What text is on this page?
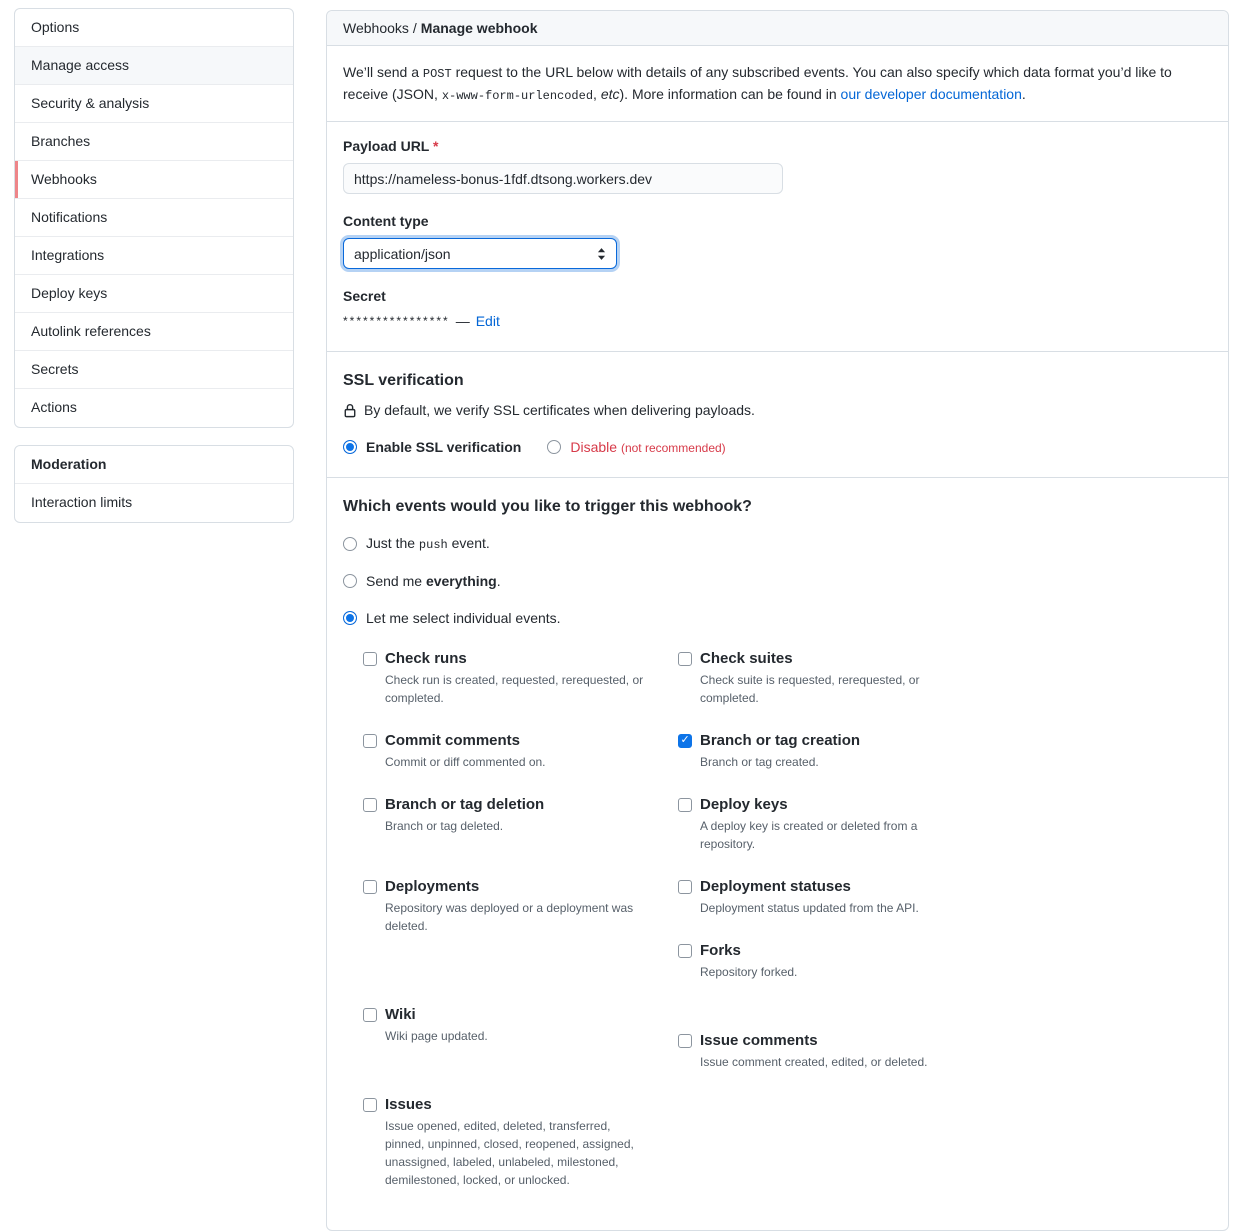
Options
Manage access
Security & analysis
Branches
Webhooks
Notifications
Integrations
Deploy keys
Autolink references
Secrets
Actions
Moderation
Interaction limits
Webhooks / Manage webhook

We’ll send a POST request to the URL below with details of any subscribed events. You can also specify which data format you’d like to receive (JSON, x-www-form-urlencoded, etc). More information can be found in our developer documentation.

Payload URL *
https://nameless-bonus-1fdf.dtsong.workers.dev
Content type
application/json
Secret
**************** — Edit
SSL verification

By default, we verify SSL certificates when delivering payloads.

Enable SSL verification	Disable (not recommended)
Which events would you like to trigger this webhook?
Just the push event.
Send me everything.
Let me select individual events.
Check runs

Check run is created, requested, rerequested, or completed.

Check suites

Check suite is requested, rerequested, or completed.

Commit comments

Commit or diff commented on.

✓
Branch or tag creation

Branch or tag created.

Branch or tag deletion

Branch or tag deleted.

Deploy keys

A deploy key is created or deleted from a repository.

Deployments

Repository was deployed or a deployment was deleted.

Deployment statuses

Deployment status updated from the API.

Forks

Repository forked.

Wiki

Wiki page updated.	Issue comments

Issue comment created, edited, or deleted.

Issues

Issue opened, edited, deleted, transferred, pinned, unpinned, closed, reopened, assigned, unassigned, labeled, unlabeled, milestoned, demilestoned, locked, or unlocked.
